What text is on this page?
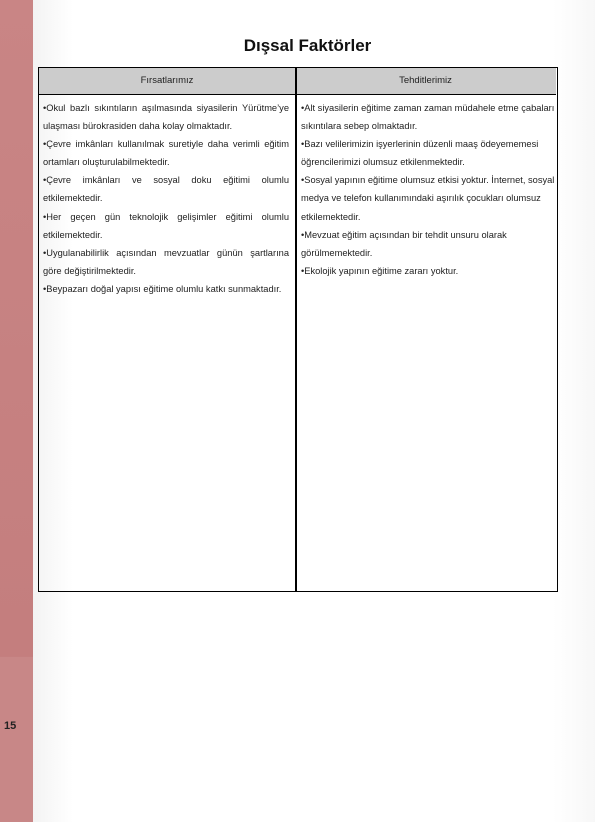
15
Dışsal Faktörler
Fırsatlarımız	Tehditlerimiz

•Okul bazlı sıkıntıların aşılmasında siyasilerin Yürütme’ye ulaşması bürokrasiden daha kolay olmaktadır.

•Çevre imkânları kullanılmak suretiyle daha verimli eğitim ortamları oluşturulabilmektedir.

•Çevre imkânları ve sosyal doku eğitimi olumlu etkilemektedir.

•Her geçen gün teknolojik gelişimler eğitimi olumlu etkilemektedir.

•Uygulanabilirlik açısından mevzuatlar günün şartlarına göre değiştirilmektedir.

•Beypazarı doğal yapısı eğitime olumlu katkı sunmaktadır.

•Alt siyasilerin eğitime zaman zaman müdahele etme çabaları sıkıntılara sebep olmaktadır.

•Bazı velilerimizin işyerlerinin düzenli maaş ödeyememesi öğrencilerimizi olumsuz etkilenmektedir.

•Sosyal yapının eğitime olumsuz etkisi yoktur. İnternet, sosyal medya ve telefon kullanımındaki aşırılık çocukları olumsuz etkilemektedir.

•Mevzuat eğitim açısından bir tehdit unsuru olarak görülmemektedir.

•Ekolojik yapının eğitime zararı yoktur.
